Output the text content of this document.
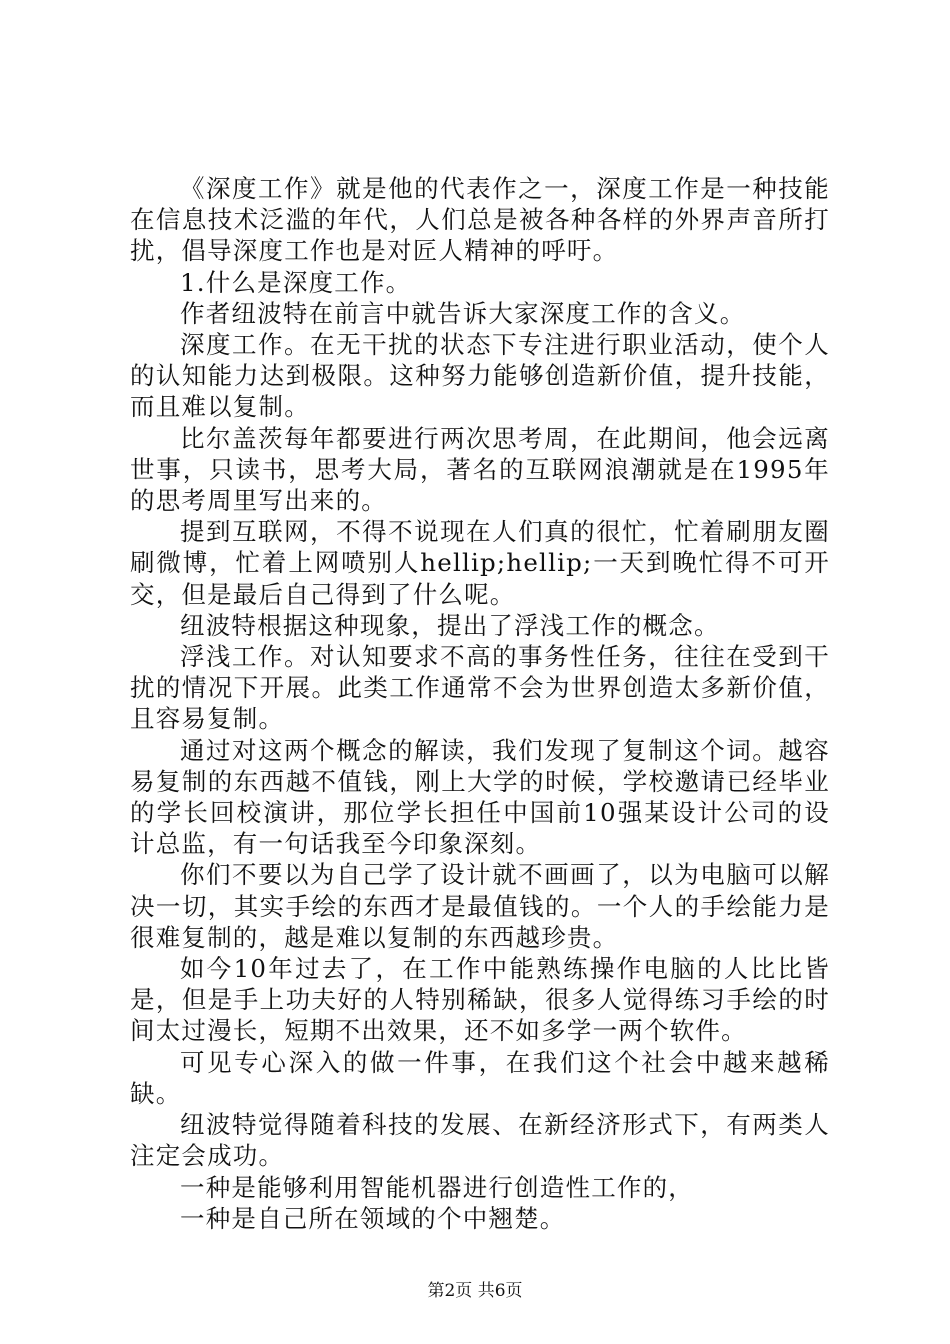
《深度工作》就是他的代表作之一，深度工作是一种技能在信息技术泛滥的年代，人们总是被各种各样的外界声音所打扰，倡导深度工作也是对匠人精神的呼吁。

1.什么是深度工作。

作者纽波特在前言中就告诉大家深度工作的含义。

深度工作。在无干扰的状态下专注进行职业活动，使个人的认知能力达到极限。这种努力能够创造新价值，提升技能，而且难以复制。

比尔盖茨每年都要进行两次思考周，在此期间，他会远离世事，只读书，思考大局，著名的互联网浪潮就是在1995年的思考周里写出来的。

提到互联网，不得不说现在人们真的很忙，忙着刷朋友圈刷微博，忙着上网喷别人hellip;hellip;一天到晚忙得不可开交，但是最后自己得到了什么呢。

纽波特根据这种现象，提出了浮浅工作的概念。

浮浅工作。对认知要求不高的事务性任务，往往在受到干扰的情况下开展。此类工作通常不会为世界创造太多新价值，且容易复制。

通过对这两个概念的解读，我们发现了复制这个词。越容易复制的东西越不值钱，刚上大学的时候，学校邀请已经毕业的学长回校演讲，那位学长担任中国前10强某设计公司的设计总监，有一句话我至今印象深刻。

你们不要以为自己学了设计就不画画了，以为电脑可以解决一切，其实手绘的东西才是最值钱的。一个人的手绘能力是很难复制的，越是难以复制的东西越珍贵。

如今10年过去了，在工作中能熟练操作电脑的人比比皆是，但是手上功夫好的人特别稀缺，很多人觉得练习手绘的时间太过漫长，短期不出效果，还不如多学一两个软件。

可见专心深入的做一件事，在我们这个社会中越来越稀缺。

纽波特觉得随着科技的发展、在新经济形式下，有两类人注定会成功。

一种是能够利用智能机器进行创造性工作的，

一种是自己所在领域的个中翘楚。

第2页 共6页
